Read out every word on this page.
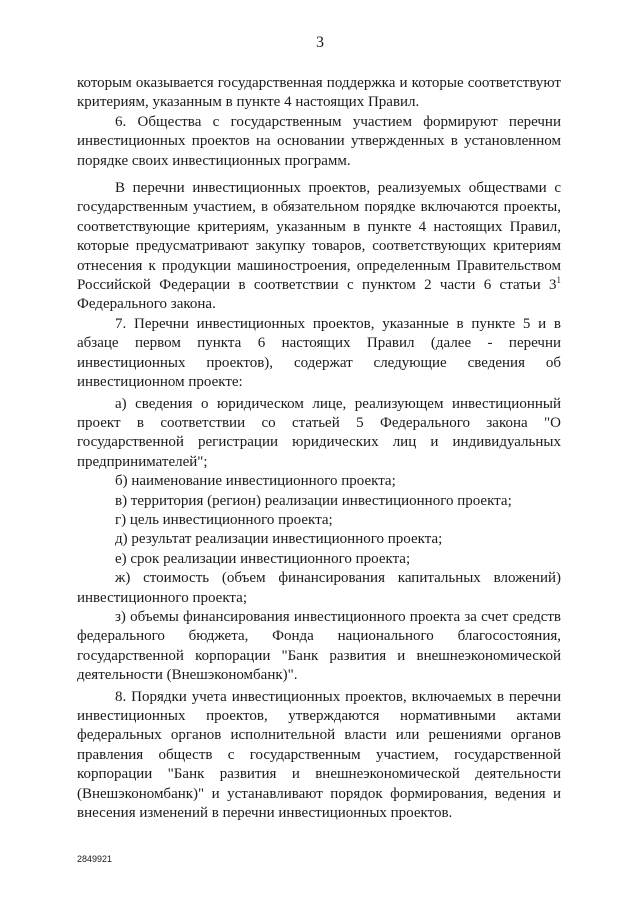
3

которым оказывается государственная поддержка и которые соответствуют критериям, указанным в пункте 4 настоящих Правил.

6. Общества с государственным участием формируют перечни инвестиционных проектов на основании утвержденных в установленном порядке своих инвестиционных программ.

В перечни инвестиционных проектов, реализуемых обществами с государственным участием, в обязательном порядке включаются проекты, соответствующие критериям, указанным в пункте 4 настоящих Правил, которые предусматривают закупку товаров, соответствующих критериям отнесения к продукции машиностроения, определенным Правительством Российской Федерации в соответствии с пунктом 2 части 6 статьи $3^1$ Федерального закона.

7. Перечни инвестиционных проектов, указанные в пункте 5 и в абзаце первом пункта 6 настоящих Правил (далее - перечни инвестиционных проектов), содержат следующие сведения об инвестиционном проекте:

а) сведения о юридическом лице, реализующем инвестиционный проект в соответствии со статьей 5 Федерального закона "О государственной регистрации юридических лиц и индивидуальных предпринимателей";

б) наименование инвестиционного проекта;

в) территория (регион) реализации инвестиционного проекта;

г) цель инвестиционного проекта;

д) результат реализации инвестиционного проекта;

е) срок реализации инвестиционного проекта;

ж) стоимость (объем финансирования капитальных вложений) инвестиционного проекта;

з) объемы финансирования инвестиционного проекта за счет средств федерального бюджета, Фонда национального благосостояния, государственной корпорации "Банк развития и внешнеэкономической деятельности (Внешэкономбанк)".

8. Порядки учета инвестиционных проектов, включаемых в перечни инвестиционных проектов, утверждаются нормативными актами федеральных органов исполнительной власти или решениями органов правления обществ с государственным участием, государственной корпорации "Банк развития и внешнеэкономической деятельности (Внешэкономбанк)" и устанавливают порядок формирования, ведения и внесения изменений в перечни инвестиционных проектов.

2849921
